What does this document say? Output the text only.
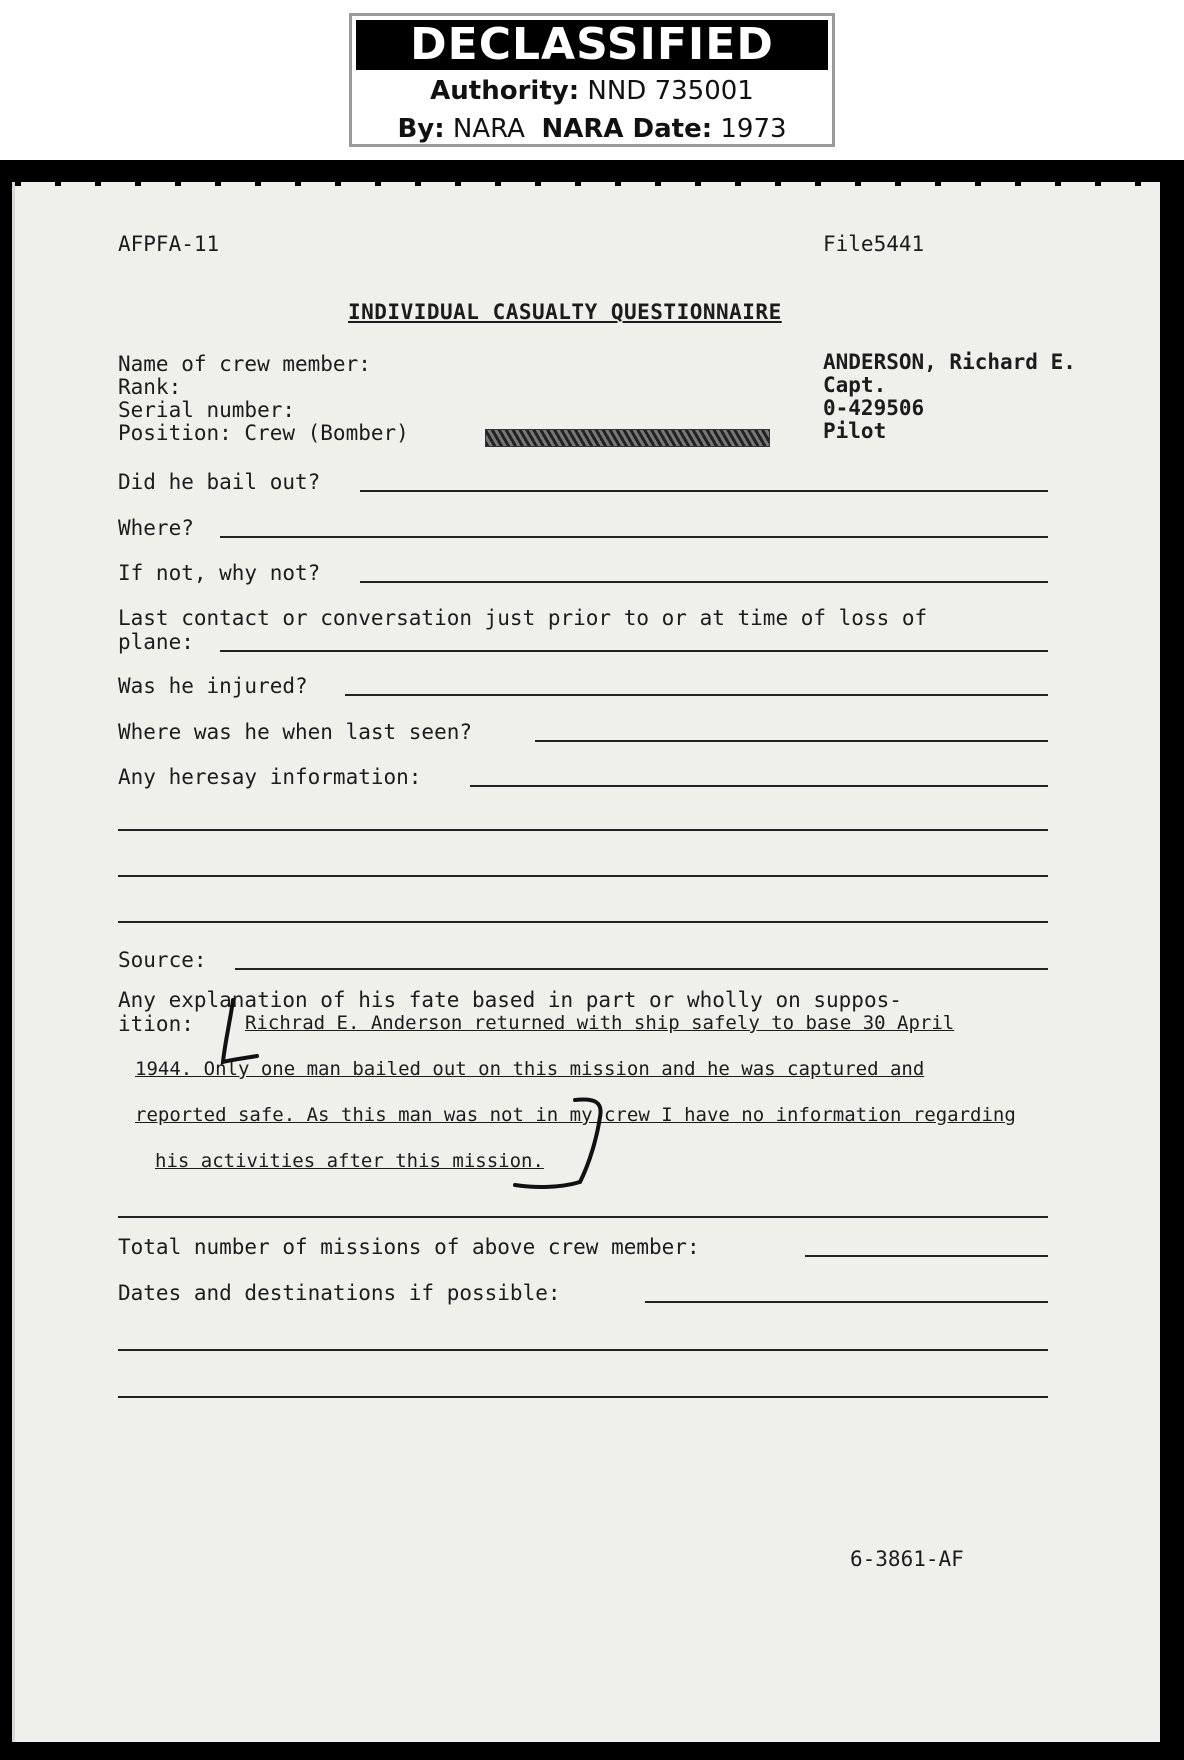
DECLASSIFIED
Authority: NND 735001
By: NARA NARA Date: 1973
AFPFA-11	File5441
INDIVIDUAL CASUALTY QUESTIONNAIRE
Name of crew member:	ANDERSON, Richard E.
Rank:	Capt.
Serial number:	0-429506
Position: Crew (Bomber)	Pilot
Did he bail out?
Where?
If not, why not?
Last contact or conversation just prior to or at time of loss of
plane:
Was he injured?
Where was he when last seen?
Any heresay information:
Source:
Any explanation of his fate based in part or wholly on suppos-
ition:	Richrad E. Anderson returned with ship safely to base 30 April
1944. Only one man bailed out on this mission and he was captured and
reported safe. As this man was not in my crew I have no information regarding
his activities after this mission.
Total number of missions of above crew member:
Dates and destinations if possible:
6-3861-AF
